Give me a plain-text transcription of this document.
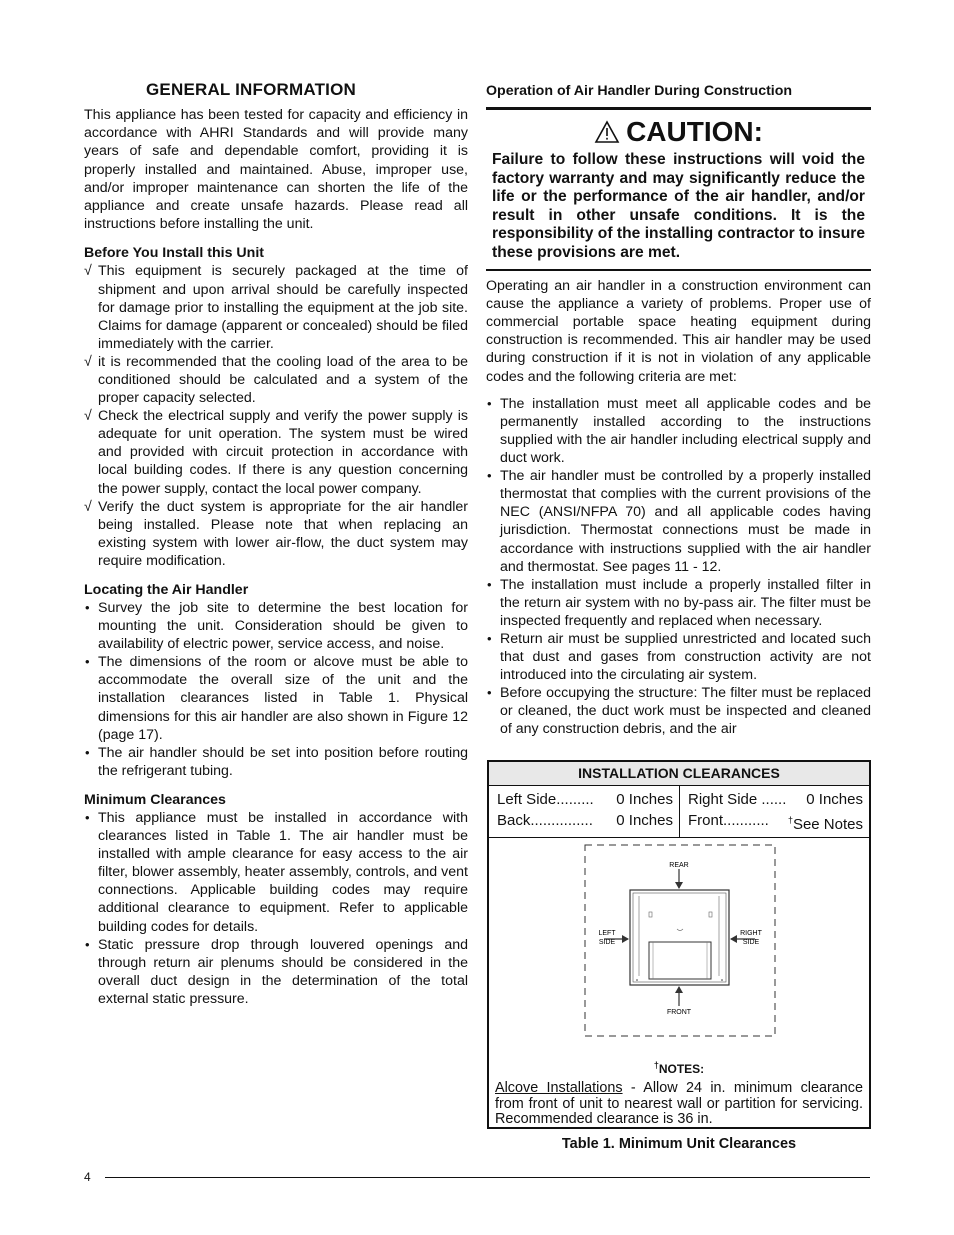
GENERAL INFORMATION

This appliance has been tested for capacity and efficiency in accordance with AHRI Standards and will provide many years of safe and dependable comfort, providing it is properly installed and maintained. Abuse, improper use, and/or improper maintenance can shorten the life of the appliance and create unsafe hazards. Please read all instructions before installing the unit.

Before You Install this Unit
√ This equipment is securely packaged at the time of shipment and upon arrival should be carefully inspected for damage prior to installing the equipment at the job site. Claims for damage (apparent or concealed) should be filed immediately with the carrier.
√ it is recommended that the cooling load of the area to be conditioned should be calculated and a system of the proper capacity selected.
√ Check the electrical supply and verify the power supply is adequate for unit operation. The system must be wired and provided with circuit protection in accordance with local building codes. If there is any question concerning the power supply, contact the local power company.
√ Verify the duct system is appropriate for the air handler being installed. Please note that when replacing an existing system with lower air-flow, the duct system may require modification.
Locating the Air Handler
• Survey the job site to determine the best location for mounting the unit. Consideration should be given to availability of electric power, service access, and noise.
• The dimensions of the room or alcove must be able to accommodate the overall size of the unit and the installation clearances listed in Table 1. Physical dimensions for this air handler are also shown in Figure 12 (page 17).
• The air handler should be set into position before routing the refrigerant tubing.
Minimum Clearances
• This appliance must be installed in accordance with clearances listed in Table 1. The air handler must be installed with ample clearance for easy access to the air filter, blower assembly, heater assembly, controls, and vent connections. Applicable building codes may require additional clearance to equipment. Refer to applicable building codes for details.
• Static pressure drop through louvered openings and through return air plenums should be considered in the overall duct design in the determination of the total external static pressure.
Operation of Air Handler During Construction
CAUTION:
Failure to follow these instructions will void the factory warranty and may significantly reduce the life or the performance of the air handler, and/or result in other unsafe conditions. It is the responsibility of the installing contractor to insure these provisions are met.

Operating an air handler in a construction environment can cause the appliance a variety of problems. Proper use of commercial portable space heating equipment during construction is recommended. This air handler may be used during construction if it is not in violation of any applicable codes and the following criteria are met:

• The installation must meet all applicable codes and be permanently installed according to the instructions supplied with the air handler including electrical supply and duct work.
• The air handler must be controlled by a properly installed thermostat that complies with the current provisions of the NEC (ANSI/NFPA 70) and all applicable codes having jurisdiction. Thermostat connections must be made in accordance with instructions supplied with the air handler and thermostat. See pages 11 - 12.
• The installation must include a properly installed filter in the return air system with no by-pass air. The filter must be inspected frequently and replaced when necessary.
• Return air must be supplied unrestricted and located such that dust and gases from construction activity are not introduced into the circulating air system.
• Before occupying the structure: The filter must be replaced or cleaned, the duct work must be inspected and cleaned of any construction debris, and the air
INSTALLATION CLEARANCES
Left Side......... 0 Inches
Back............... 0 Inches
Right Side ...... 0 Inches
Front........... †See Notes
REAR
FRONT
LEFT
SIDE
RIGHT
SIDE
†NOTES:
Alcove Installations - Allow 24 in. minimum clearance from front of unit to nearest wall or partition for servicing. Recommended clearance is 36 in.
Table 1. Minimum Unit Clearances
4
